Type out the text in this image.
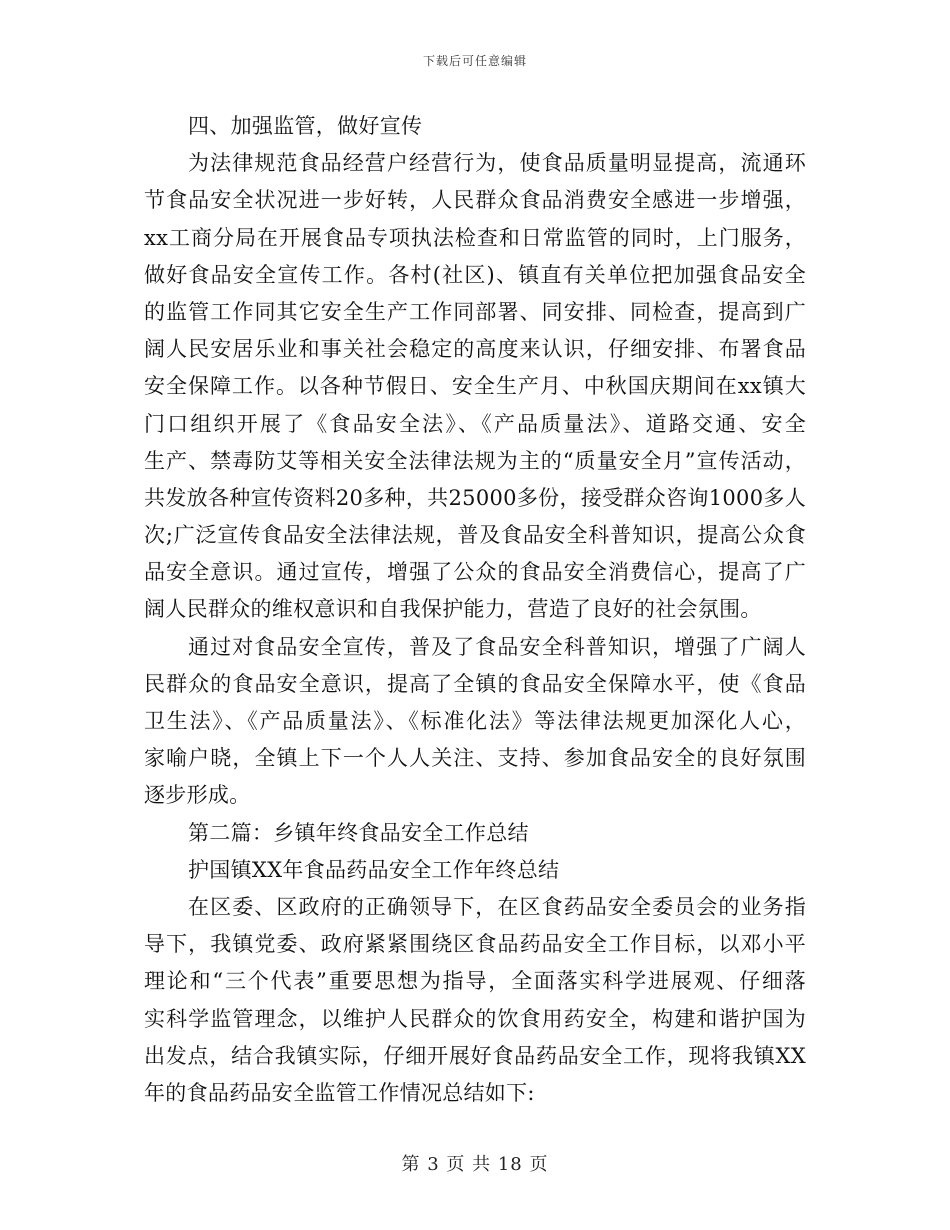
下载后可任意编辑
四、加强监管，做好宣传
为法律规范食品经营户经营行为，使食品质量明显提高，流通环
节食品安全状况进一步好转，人民群众食品消费安全感进一步增强，
xx工商分局在开展食品专项执法检查和日常监管的同时，上门服务，
做好食品安全宣传工作。各村(社区)、镇直有关单位把加强食品安全
的监管工作同其它安全生产工作同部署、同安排、同检查，提高到广
阔人民安居乐业和事关社会稳定的高度来认识，仔细安排、布署食品
安全保障工作。以各种节假日、安全生产月、中秋国庆期间在xx镇大
门口组织开展了《食品安全法》、《产品质量法》、道路交通、安全
生产、禁毒防艾等相关安全法律法规为主的“质量安全月”宣传活动，
共发放各种宣传资料20多种，共25000多份，接受群众咨询1000多人
次;广泛宣传食品安全法律法规，普及食品安全科普知识，提高公众食
品安全意识。通过宣传，增强了公众的食品安全消费信心，提高了广
阔人民群众的维权意识和自我保护能力，营造了良好的社会氛围。
通过对食品安全宣传，普及了食品安全科普知识，增强了广阔人
民群众的食品安全意识，提高了全镇的食品安全保障水平，使《食品
卫生法》、《产品质量法》、《标准化法》等法律法规更加深化人心，
家喻户晓，全镇上下一个人人关注、支持、参加食品安全的良好氛围
逐步形成。
第二篇：乡镇年终食品安全工作总结
护国镇XX年食品药品安全工作年终总结
在区委、区政府的正确领导下，在区食药品安全委员会的业务指
导下，我镇党委、政府紧紧围绕区食品药品安全工作目标，以邓小平
理论和“三个代表”重要思想为指导，全面落实科学进展观、仔细落
实科学监管理念，以维护人民群众的饮食用药安全，构建和谐护国为
出发点，结合我镇实际，仔细开展好食品药品安全工作，现将我镇XX
年的食品药品安全监管工作情况总结如下:
第 3 页 共 18 页
